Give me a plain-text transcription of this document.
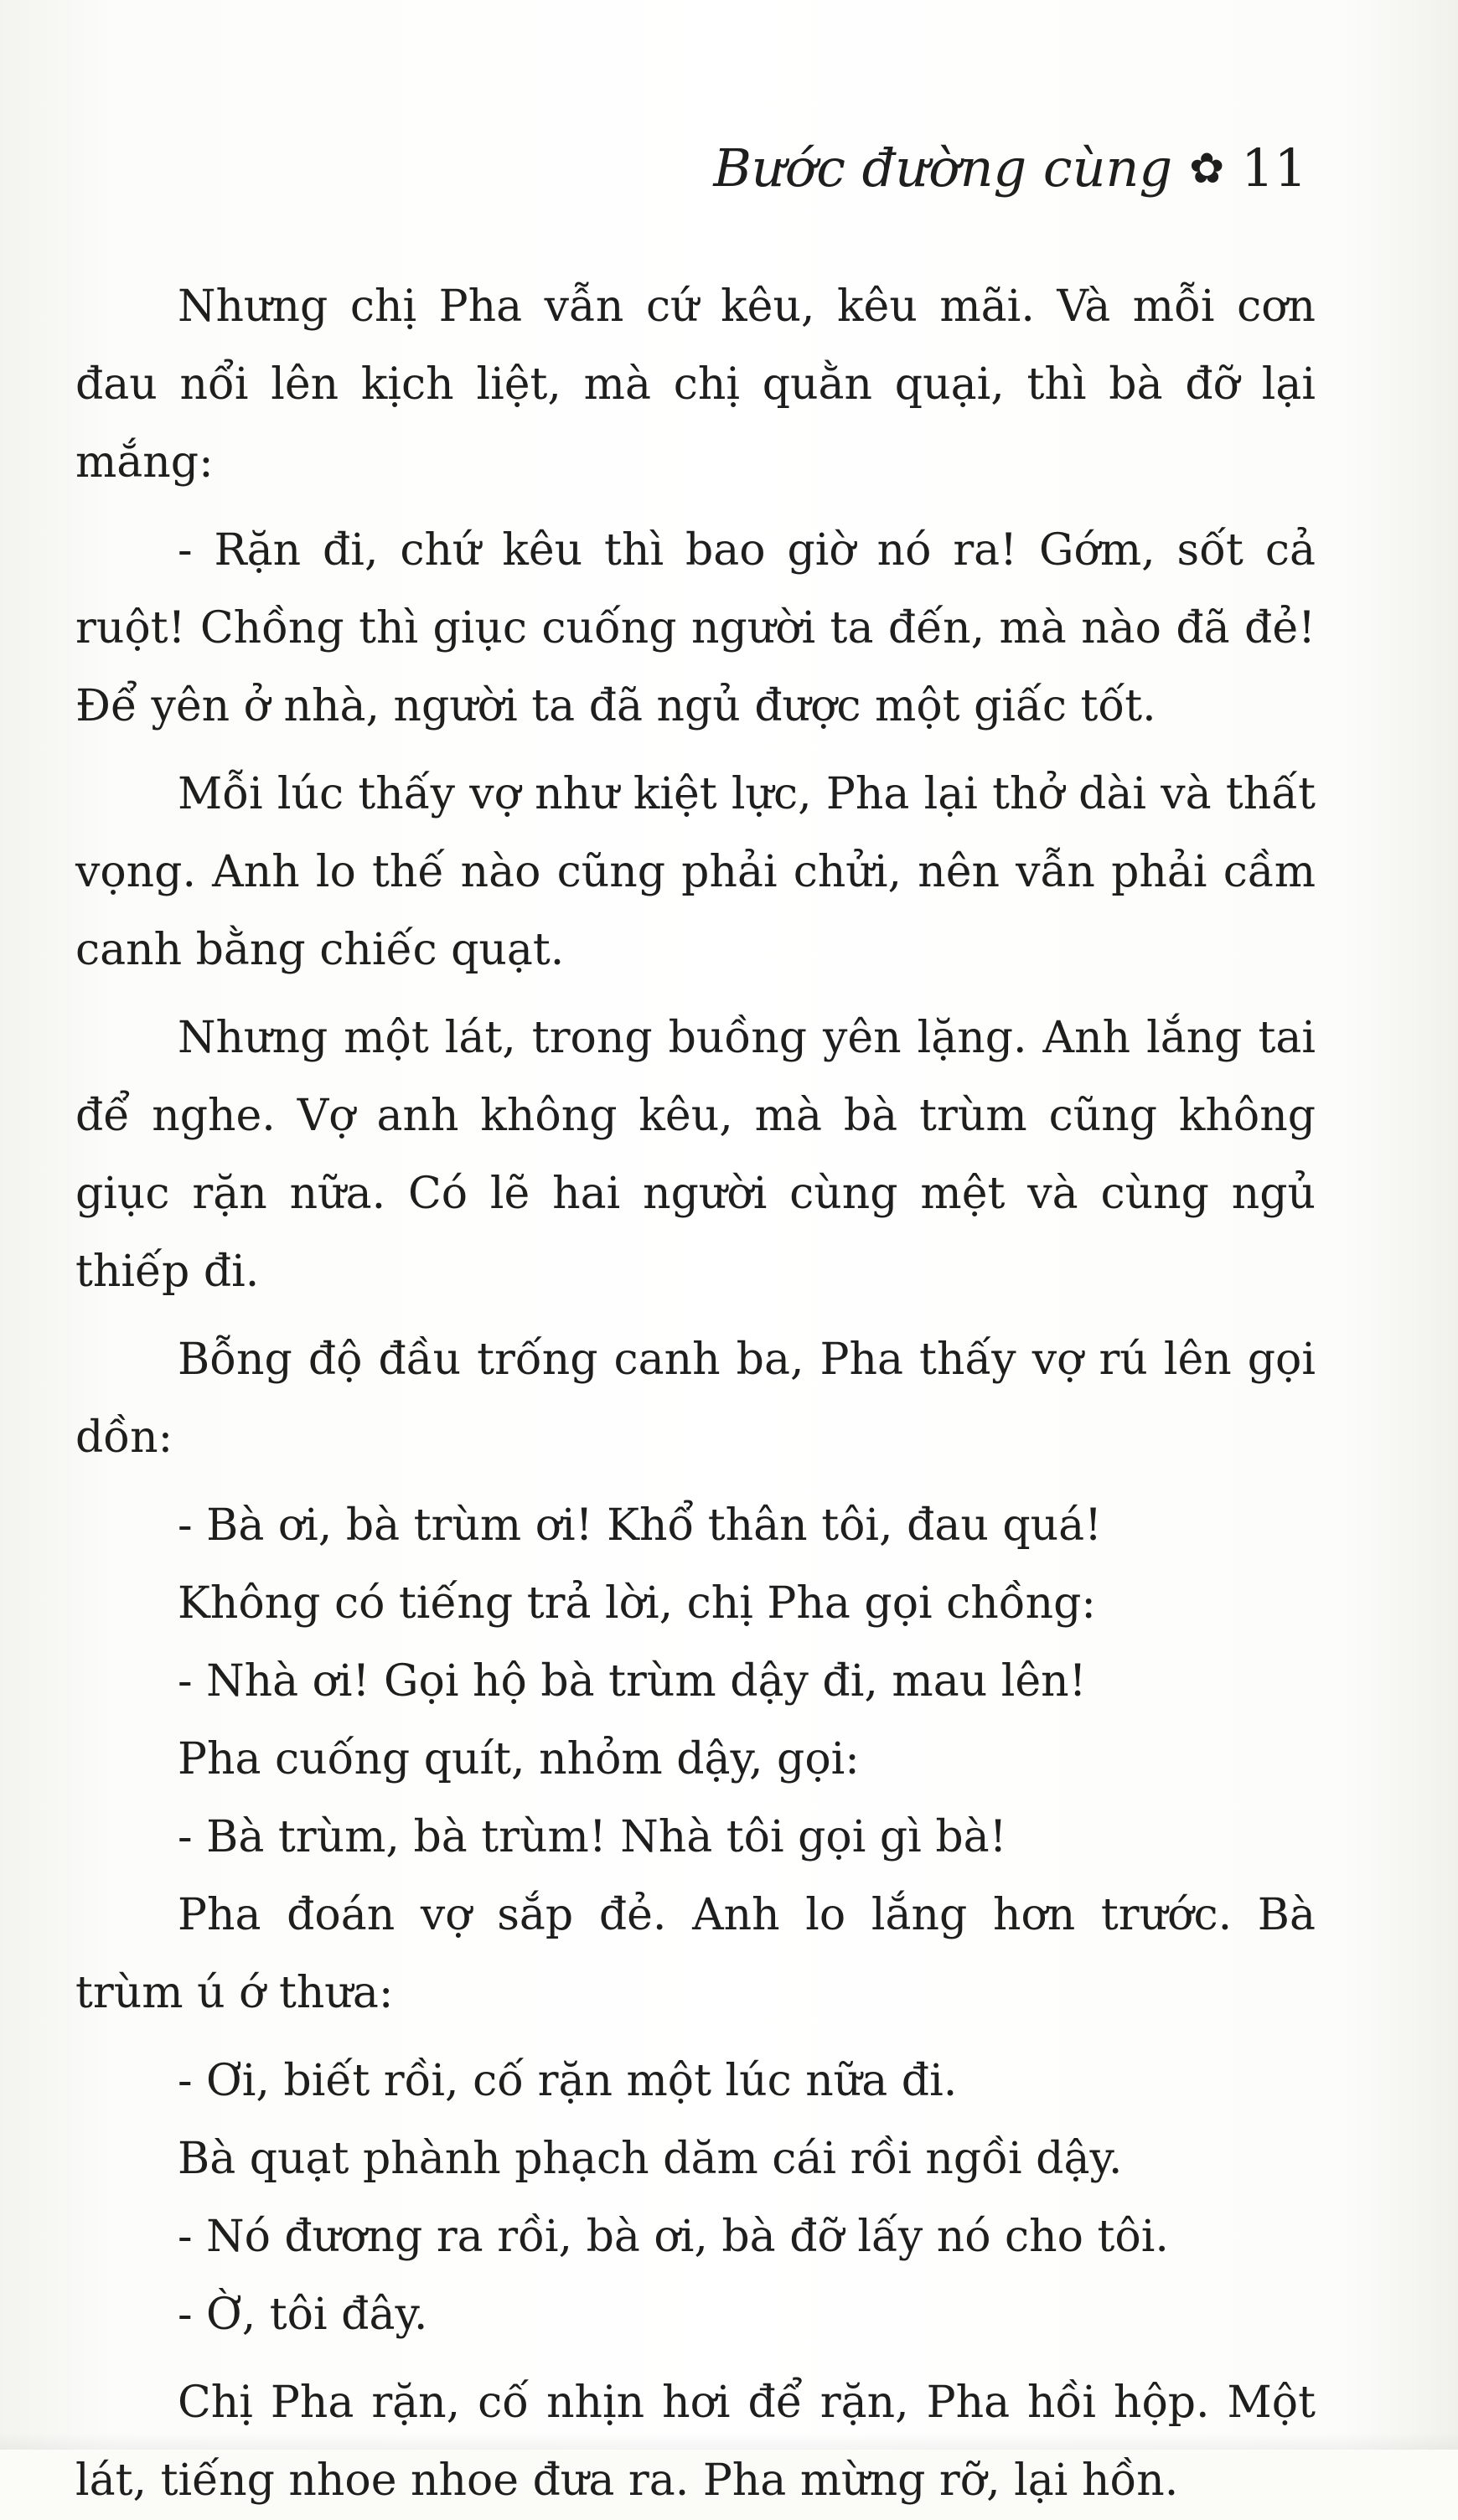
Bước đường cùng ✿ 11

Nhưng chị Pha vẫn cứ kêu, kêu mãi. Và mỗi cơn đau nổi lên kịch liệt, mà chị quằn quại, thì bà đỡ lại mắng:

- Rặn đi, chứ kêu thì bao giờ nó ra! Gớm, sốt cả ruột! Chồng thì giục cuống người ta đến, mà nào đã đẻ! Để yên ở nhà, người ta đã ngủ được một giấc tốt.

Mỗi lúc thấy vợ như kiệt lực, Pha lại thở dài và thất vọng. Anh lo thế nào cũng phải chửi, nên vẫn phải cầm canh bằng chiếc quạt.

Nhưng một lát, trong buồng yên lặng. Anh lắng tai để nghe. Vợ anh không kêu, mà bà trùm cũng không giục rặn nữa. Có lẽ hai người cùng mệt và cùng ngủ thiếp đi.

Bỗng độ đầu trống canh ba, Pha thấy vợ rú lên gọi dồn:

- Bà ơi, bà trùm ơi! Khổ thân tôi, đau quá!

Không có tiếng trả lời, chị Pha gọi chồng:

- Nhà ơi! Gọi hộ bà trùm dậy đi, mau lên!

Pha cuống quít, nhỏm dậy, gọi:

- Bà trùm, bà trùm! Nhà tôi gọi gì bà!

Pha đoán vợ sắp đẻ. Anh lo lắng hơn trước. Bà trùm ú ớ thưa:

- Ơi, biết rồi, cố rặn một lúc nữa đi.

Bà quạt phành phạch dăm cái rồi ngồi dậy.

- Nó đương ra rồi, bà ơi, bà đỡ lấy nó cho tôi.

- Ờ, tôi đây.

Chị Pha rặn, cố nhịn hơi để rặn, Pha hồi hộp. Một lát, tiếng nhoe nhoe đưa ra. Pha mừng rỡ, lại hồn.
